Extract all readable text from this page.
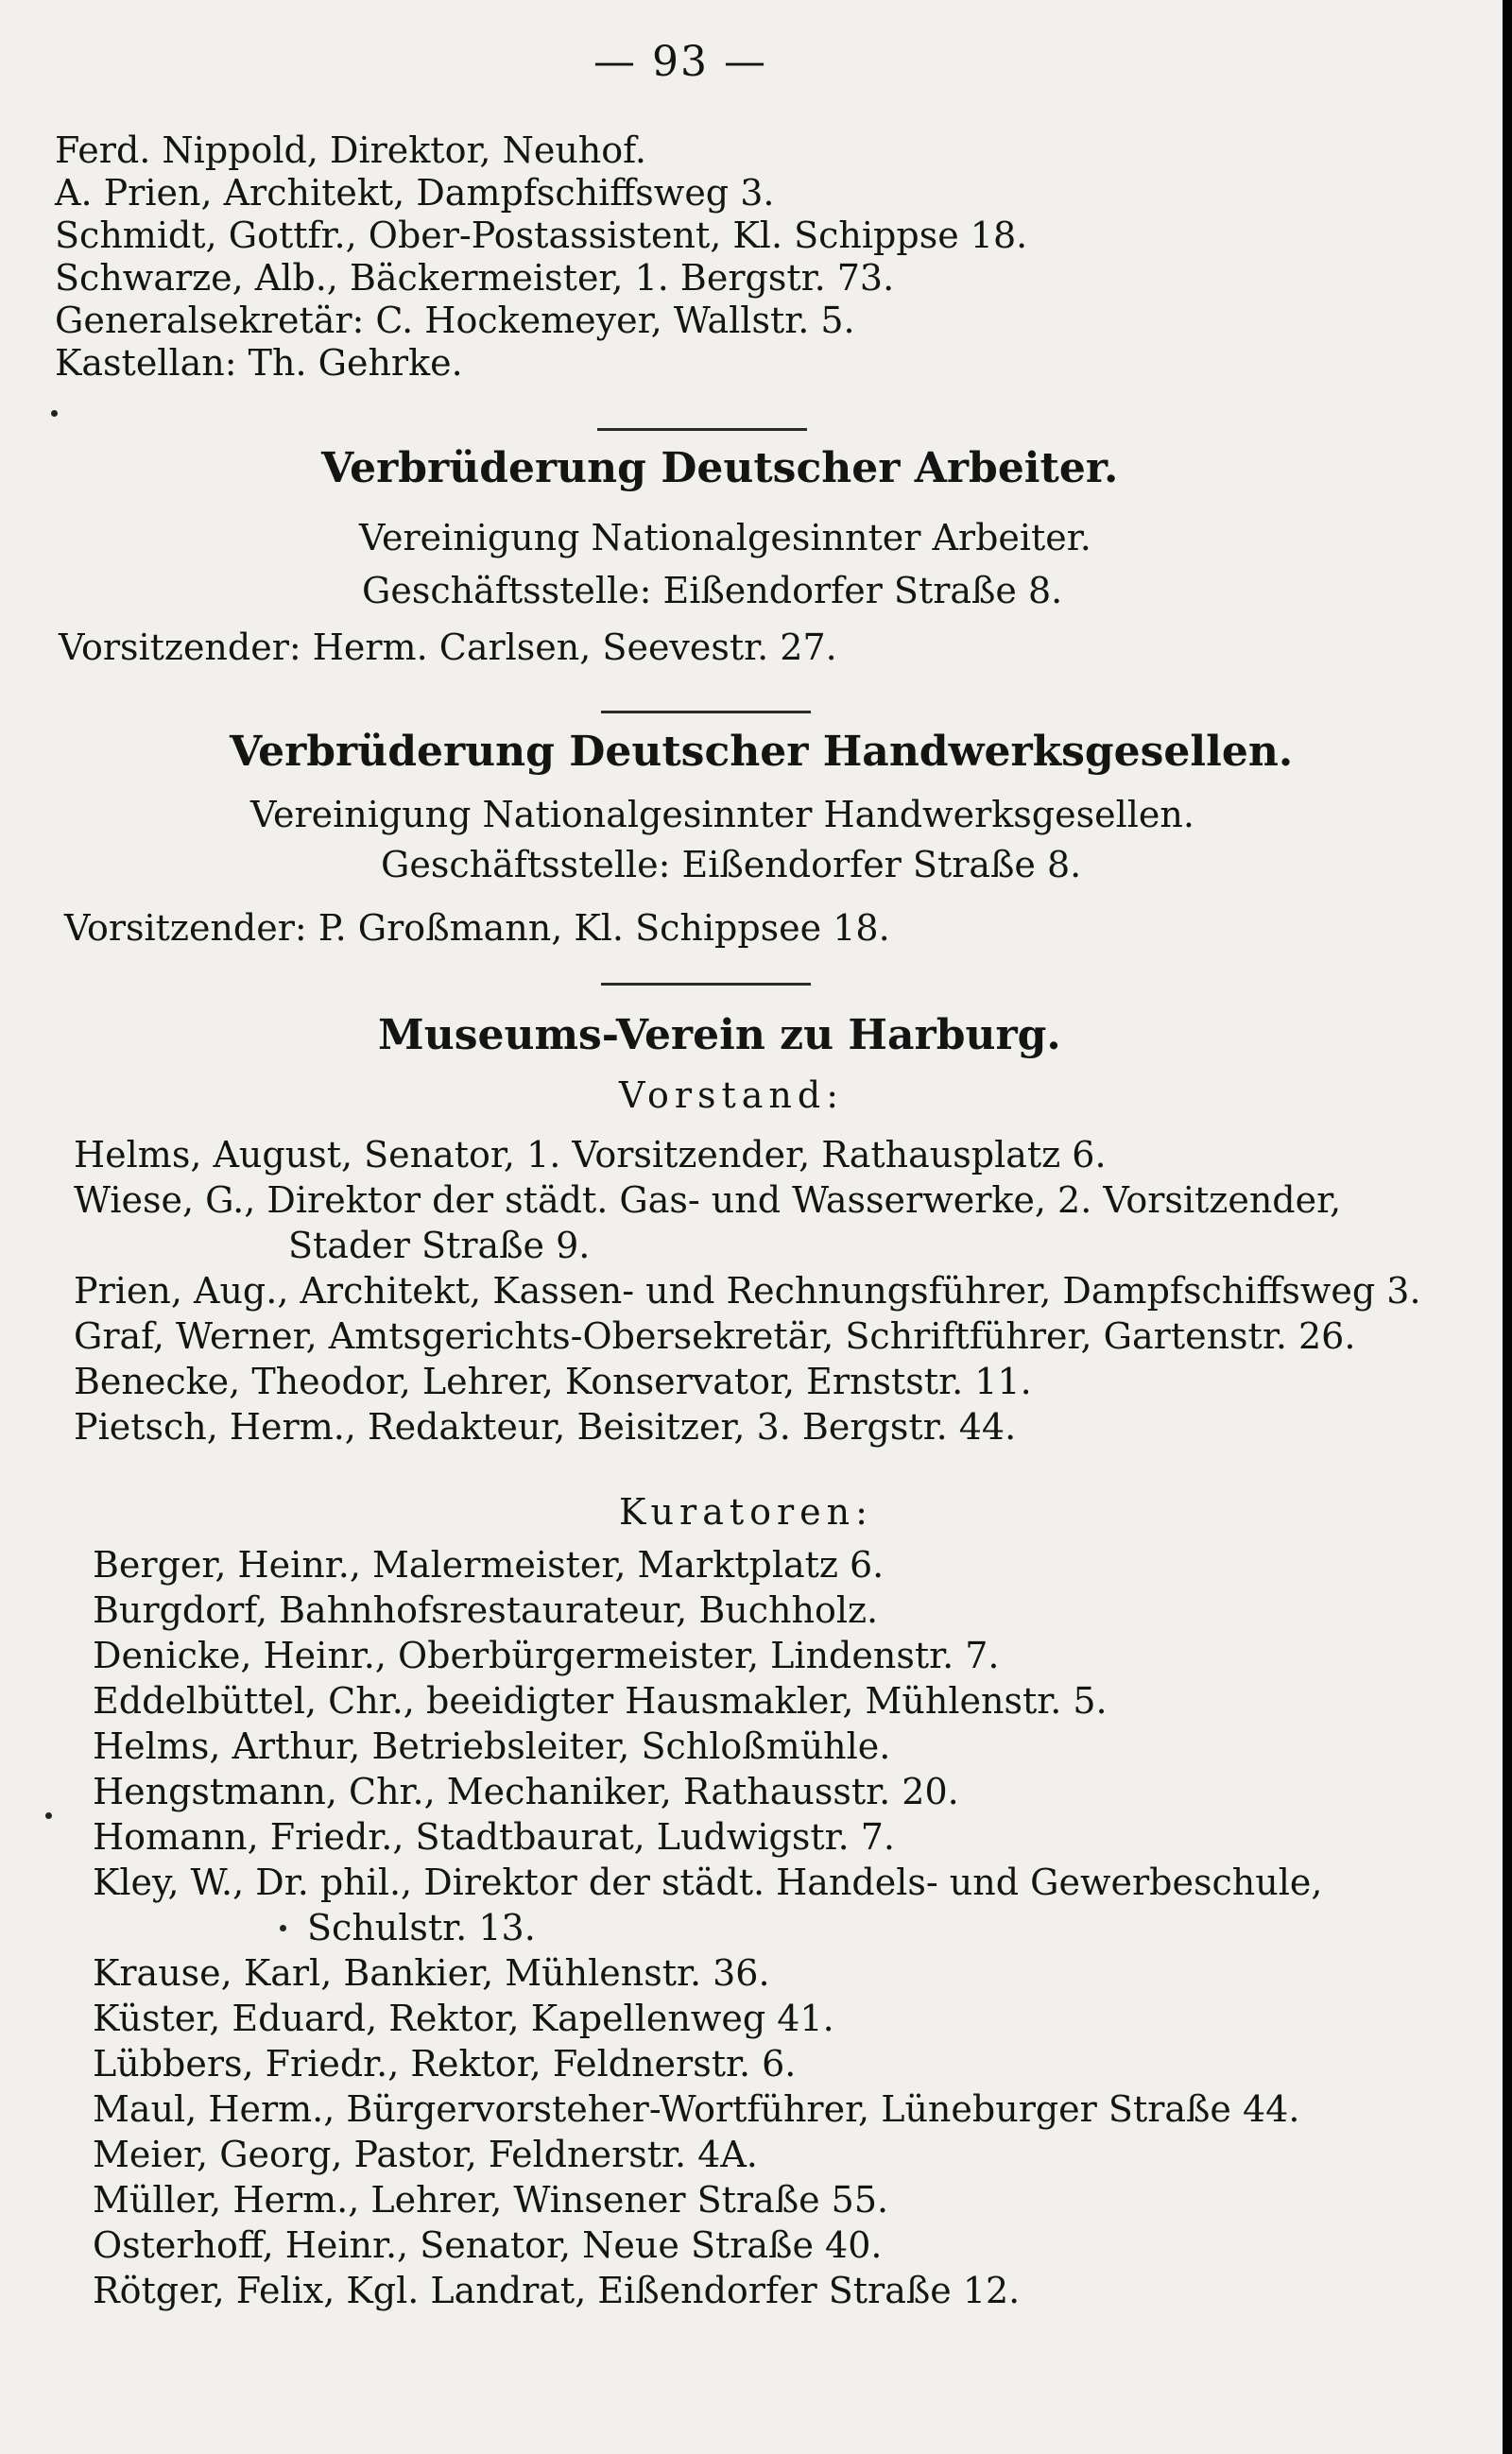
— 93 —
Ferd. Nippold, Direktor, Neuhof.
A. Prien, Architekt, Dampfschiffsweg 3.
Schmidt, Gottfr., Ober-Postassistent, Kl. Schippse 18.
Schwarze, Alb., Bäckermeister, 1. Bergstr. 73.
Generalsekretär: C. Hockemeyer, Wallstr. 5.
Kastellan: Th. Gehrke.
Verbrüderung Deutscher Arbeiter.
Vereinigung Nationalgesinnter Arbeiter.
Geschäftsstelle: Eißendorfer Straße 8.
Vorsitzender: Herm. Carlsen, Seevestr. 27.
Verbrüderung Deutscher Handwerksgesellen.
Vereinigung Nationalgesinnter Handwerksgesellen.
Geschäftsstelle: Eißendorfer Straße 8.
Vorsitzender: P. Großmann, Kl. Schippsee 18.
Museums-Verein zu Harburg.
Vorstand:
Helms, August, Senator, 1. Vorsitzender, Rathausplatz 6.
Wiese, G., Direktor der städt. Gas- und Wasserwerke, 2. Vorsitzender,
Stader Straße 9.
Prien, Aug., Architekt, Kassen- und Rechnungsführer, Dampfschiffsweg 3.
Graf, Werner, Amtsgerichts-Obersekretär, Schriftführer, Gartenstr. 26.
Benecke, Theodor, Lehrer, Konservator, Ernststr. 11.
Pietsch, Herm., Redakteur, Beisitzer, 3. Bergstr. 44.
Kuratoren:
Berger, Heinr., Malermeister, Marktplatz 6.
Burgdorf, Bahnhofsrestaurateur, Buchholz.
Denicke, Heinr., Oberbürgermeister, Lindenstr. 7.
Eddelbüttel, Chr., beeidigter Hausmakler, Mühlenstr. 5.
Helms, Arthur, Betriebsleiter, Schloßmühle.
Hengstmann, Chr., Mechaniker, Rathausstr. 20.
Homann, Friedr., Stadtbaurat, Ludwigstr. 7.
Kley, W., Dr. phil., Direktor der städt. Handels- und Gewerbeschule,
Schulstr. 13.
Krause, Karl, Bankier, Mühlenstr. 36.
Küster, Eduard, Rektor, Kapellenweg 41.
Lübbers, Friedr., Rektor, Feldnerstr. 6.
Maul, Herm., Bürgervorsteher-Wortführer, Lüneburger Straße 44.
Meier, Georg, Pastor, Feldnerstr. 4A.
Müller, Herm., Lehrer, Winsener Straße 55.
Osterhoff, Heinr., Senator, Neue Straße 40.
Rötger, Felix, Kgl. Landrat, Eißendorfer Straße 12.
